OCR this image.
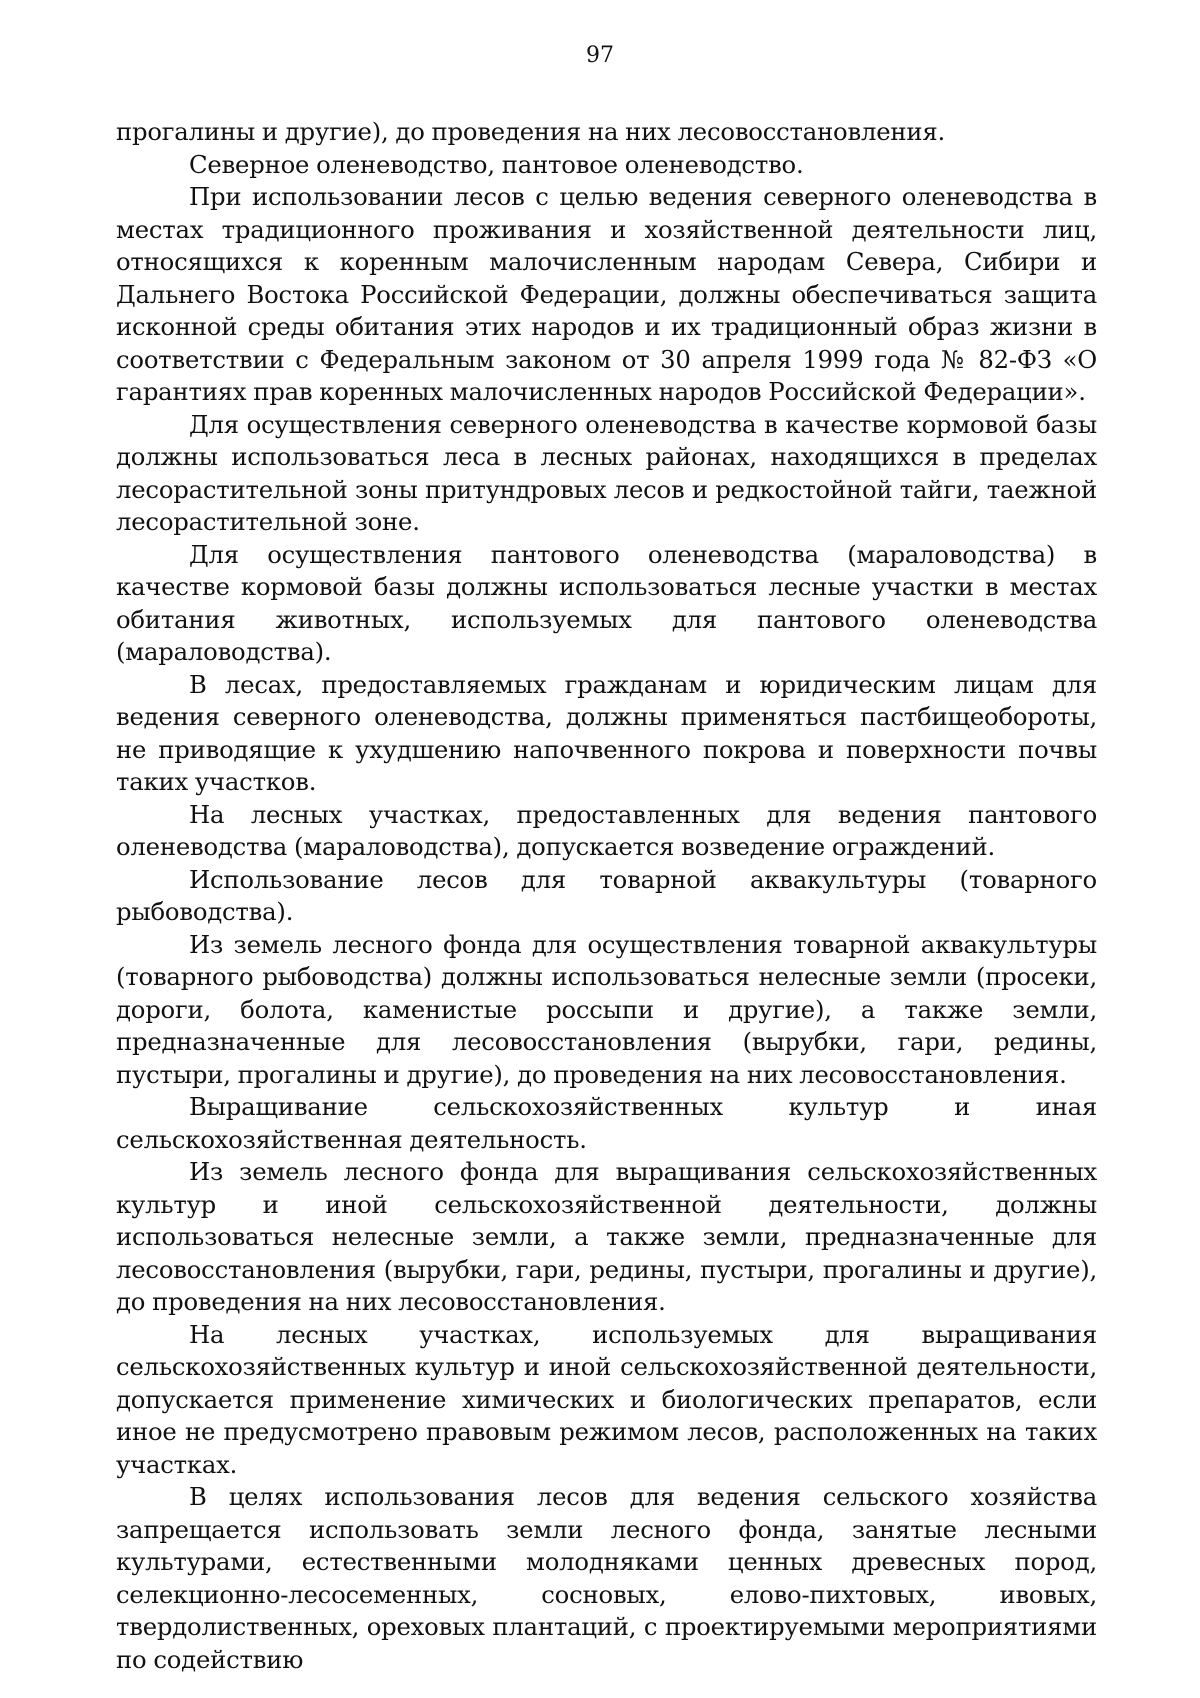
97

прогалины и другие), до проведения на них лесовосстановления.

Северное оленеводство, пантовое оленеводство.

При использовании лесов с целью ведения северного оленеводства в местах традиционного проживания и хозяйственной деятельности лиц, относящихся к коренным малочисленным народам Севера, Сибири и Дальнего Востока Российской Федерации, должны обеспечиваться защита исконной среды обитания этих народов и их традиционный образ жизни в соответствии с Федеральным законом от 30 апреля 1999 года № 82-ФЗ «О гарантиях прав коренных малочисленных народов Российской Федерации».

Для осуществления северного оленеводства в качестве кормовой базы должны использоваться леса в лесных районах, находящихся в пределах лесорастительной зоны притундровых лесов и редкостойной тайги, таежной лесорастительной зоне.

Для осуществления пантового оленеводства (мараловодства) в качестве кормовой базы должны использоваться лесные участки в местах обитания животных, используемых для пантового оленеводства (мараловодства).

В лесах, предоставляемых гражданам и юридическим лицам для ведения северного оленеводства, должны применяться пастбищеобороты, не приводящие к ухудшению напочвенного покрова и поверхности почвы таких участков.

На лесных участках, предоставленных для ведения пантового оленеводства (мараловодства), допускается возведение ограждений.

Использование лесов для товарной аквакультуры (товарного рыбоводства).

Из земель лесного фонда для осуществления товарной аквакультуры (товарного рыбоводства) должны использоваться нелесные земли (просеки, дороги, болота, каменистые россыпи и другие), а также земли, предназначенные для лесовосстановления (вырубки, гари, редины, пустыри, прогалины и другие), до проведения на них лесовосстановления.

Выращивание сельскохозяйственных культур и иная сельскохозяйственная деятельность.

Из земель лесного фонда для выращивания сельскохозяйственных культур и иной сельскохозяйственной деятельности, должны использоваться нелесные земли, а также земли, предназначенные для лесовосстановления (вырубки, гари, редины, пустыри, прогалины и другие), до проведения на них лесовосстановления.

На лесных участках, используемых для выращивания сельскохозяйственных культур и иной сельскохозяйственной деятельности, допускается применение химических и биологических препаратов, если иное не предусмотрено правовым режимом лесов, расположенных на таких участках.

В целях использования лесов для ведения сельского хозяйства запрещается использовать земли лесного фонда, занятые лесными культурами, естественными молодняками ценных древесных пород, селекционно-лесосеменных, сосновых, елово-пихтовых, ивовых, твердолиственных, ореховых плантаций, с проектируемыми мероприятиями по содействию
